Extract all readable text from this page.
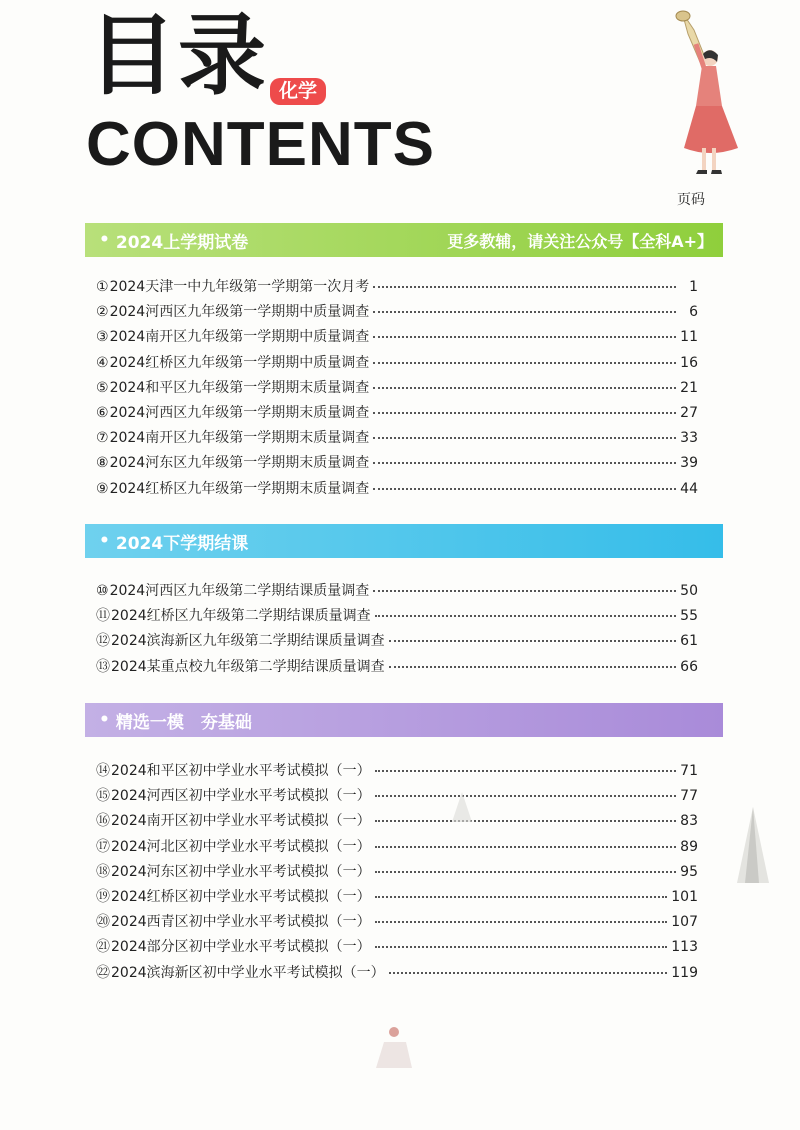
目录 化学
CONTENTS
页码
• 2024上学期试卷	更多教辅，请关注公众号【全科A+】
① 2024天津一中九年级第一学期第一次月考	1
② 2024河西区九年级第一学期期中质量调查	6
③ 2024南开区九年级第一学期期中质量调查	11
④ 2024红桥区九年级第一学期期中质量调查	16
⑤ 2024和平区九年级第一学期期末质量调查	21
⑥ 2024河西区九年级第一学期期末质量调查	27
⑦ 2024南开区九年级第一学期期末质量调查	33
⑧ 2024河东区九年级第一学期期末质量调查	39
⑨ 2024红桥区九年级第一学期期末质量调查	44
• 2024下学期结课
⑩ 2024河西区九年级第二学期结课质量调查	50
⑪ 2024红桥区九年级第二学期结课质量调查	55
⑫ 2024滨海新区九年级第二学期结课质量调查	61
⑬ 2024某重点校九年级第二学期结课质量调查	66
• 精选一模　夯基础
⑭ 2024和平区初中学业水平考试模拟（一）	71
⑮ 2024河西区初中学业水平考试模拟（一）	77
⑯ 2024南开区初中学业水平考试模拟（一）	83
⑰ 2024河北区初中学业水平考试模拟（一）	89
⑱ 2024河东区初中学业水平考试模拟（一）	95
⑲ 2024红桥区初中学业水平考试模拟（一）	101
⑳ 2024西青区初中学业水平考试模拟（一）	107
㉑ 2024部分区初中学业水平考试模拟（一）	113
㉒ 2024滨海新区初中学业水平考试模拟（一）	119
